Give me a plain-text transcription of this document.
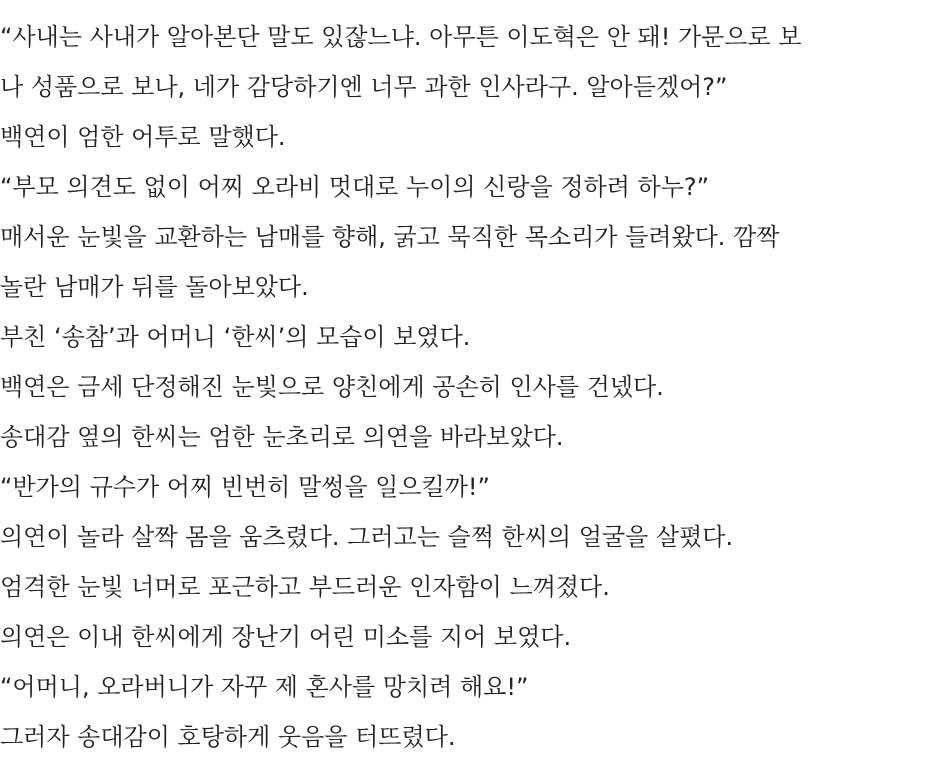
“사내는 사내가 알아본단 말도 있잖느냐. 아무튼 이도혁은 안 돼! 가문으로 보

나 성품으로 보나, 네가 감당하기엔 너무 과한 인사라구. 알아듣겠어?”

백연이 엄한 어투로 말했다.

“부모 의견도 없이 어찌 오라비 멋대로 누이의 신랑을 정하려 하누?”

매서운 눈빛을 교환하는 남매를 향해, 굵고 묵직한 목소리가 들려왔다. 깜짝

놀란 남매가 뒤를 돌아보았다.

부친 ‘송참’과 어머니 ‘한씨’의 모습이 보였다.

백연은 금세 단정해진 눈빛으로 양친에게 공손히 인사를 건넸다.

송대감 옆의 한씨는 엄한 눈초리로 의연을 바라보았다.

“반가의 규수가 어찌 빈번히 말썽을 일으킬까!”

의연이 놀라 살짝 몸을 움츠렸다. 그러고는 슬쩍 한씨의 얼굴을 살폈다.

엄격한 눈빛 너머로 포근하고 부드러운 인자함이 느껴졌다.

의연은 이내 한씨에게 장난기 어린 미소를 지어 보였다.

“어머니, 오라버니가 자꾸 제 혼사를 망치려 해요!”

그러자 송대감이 호탕하게 웃음을 터뜨렸다.
